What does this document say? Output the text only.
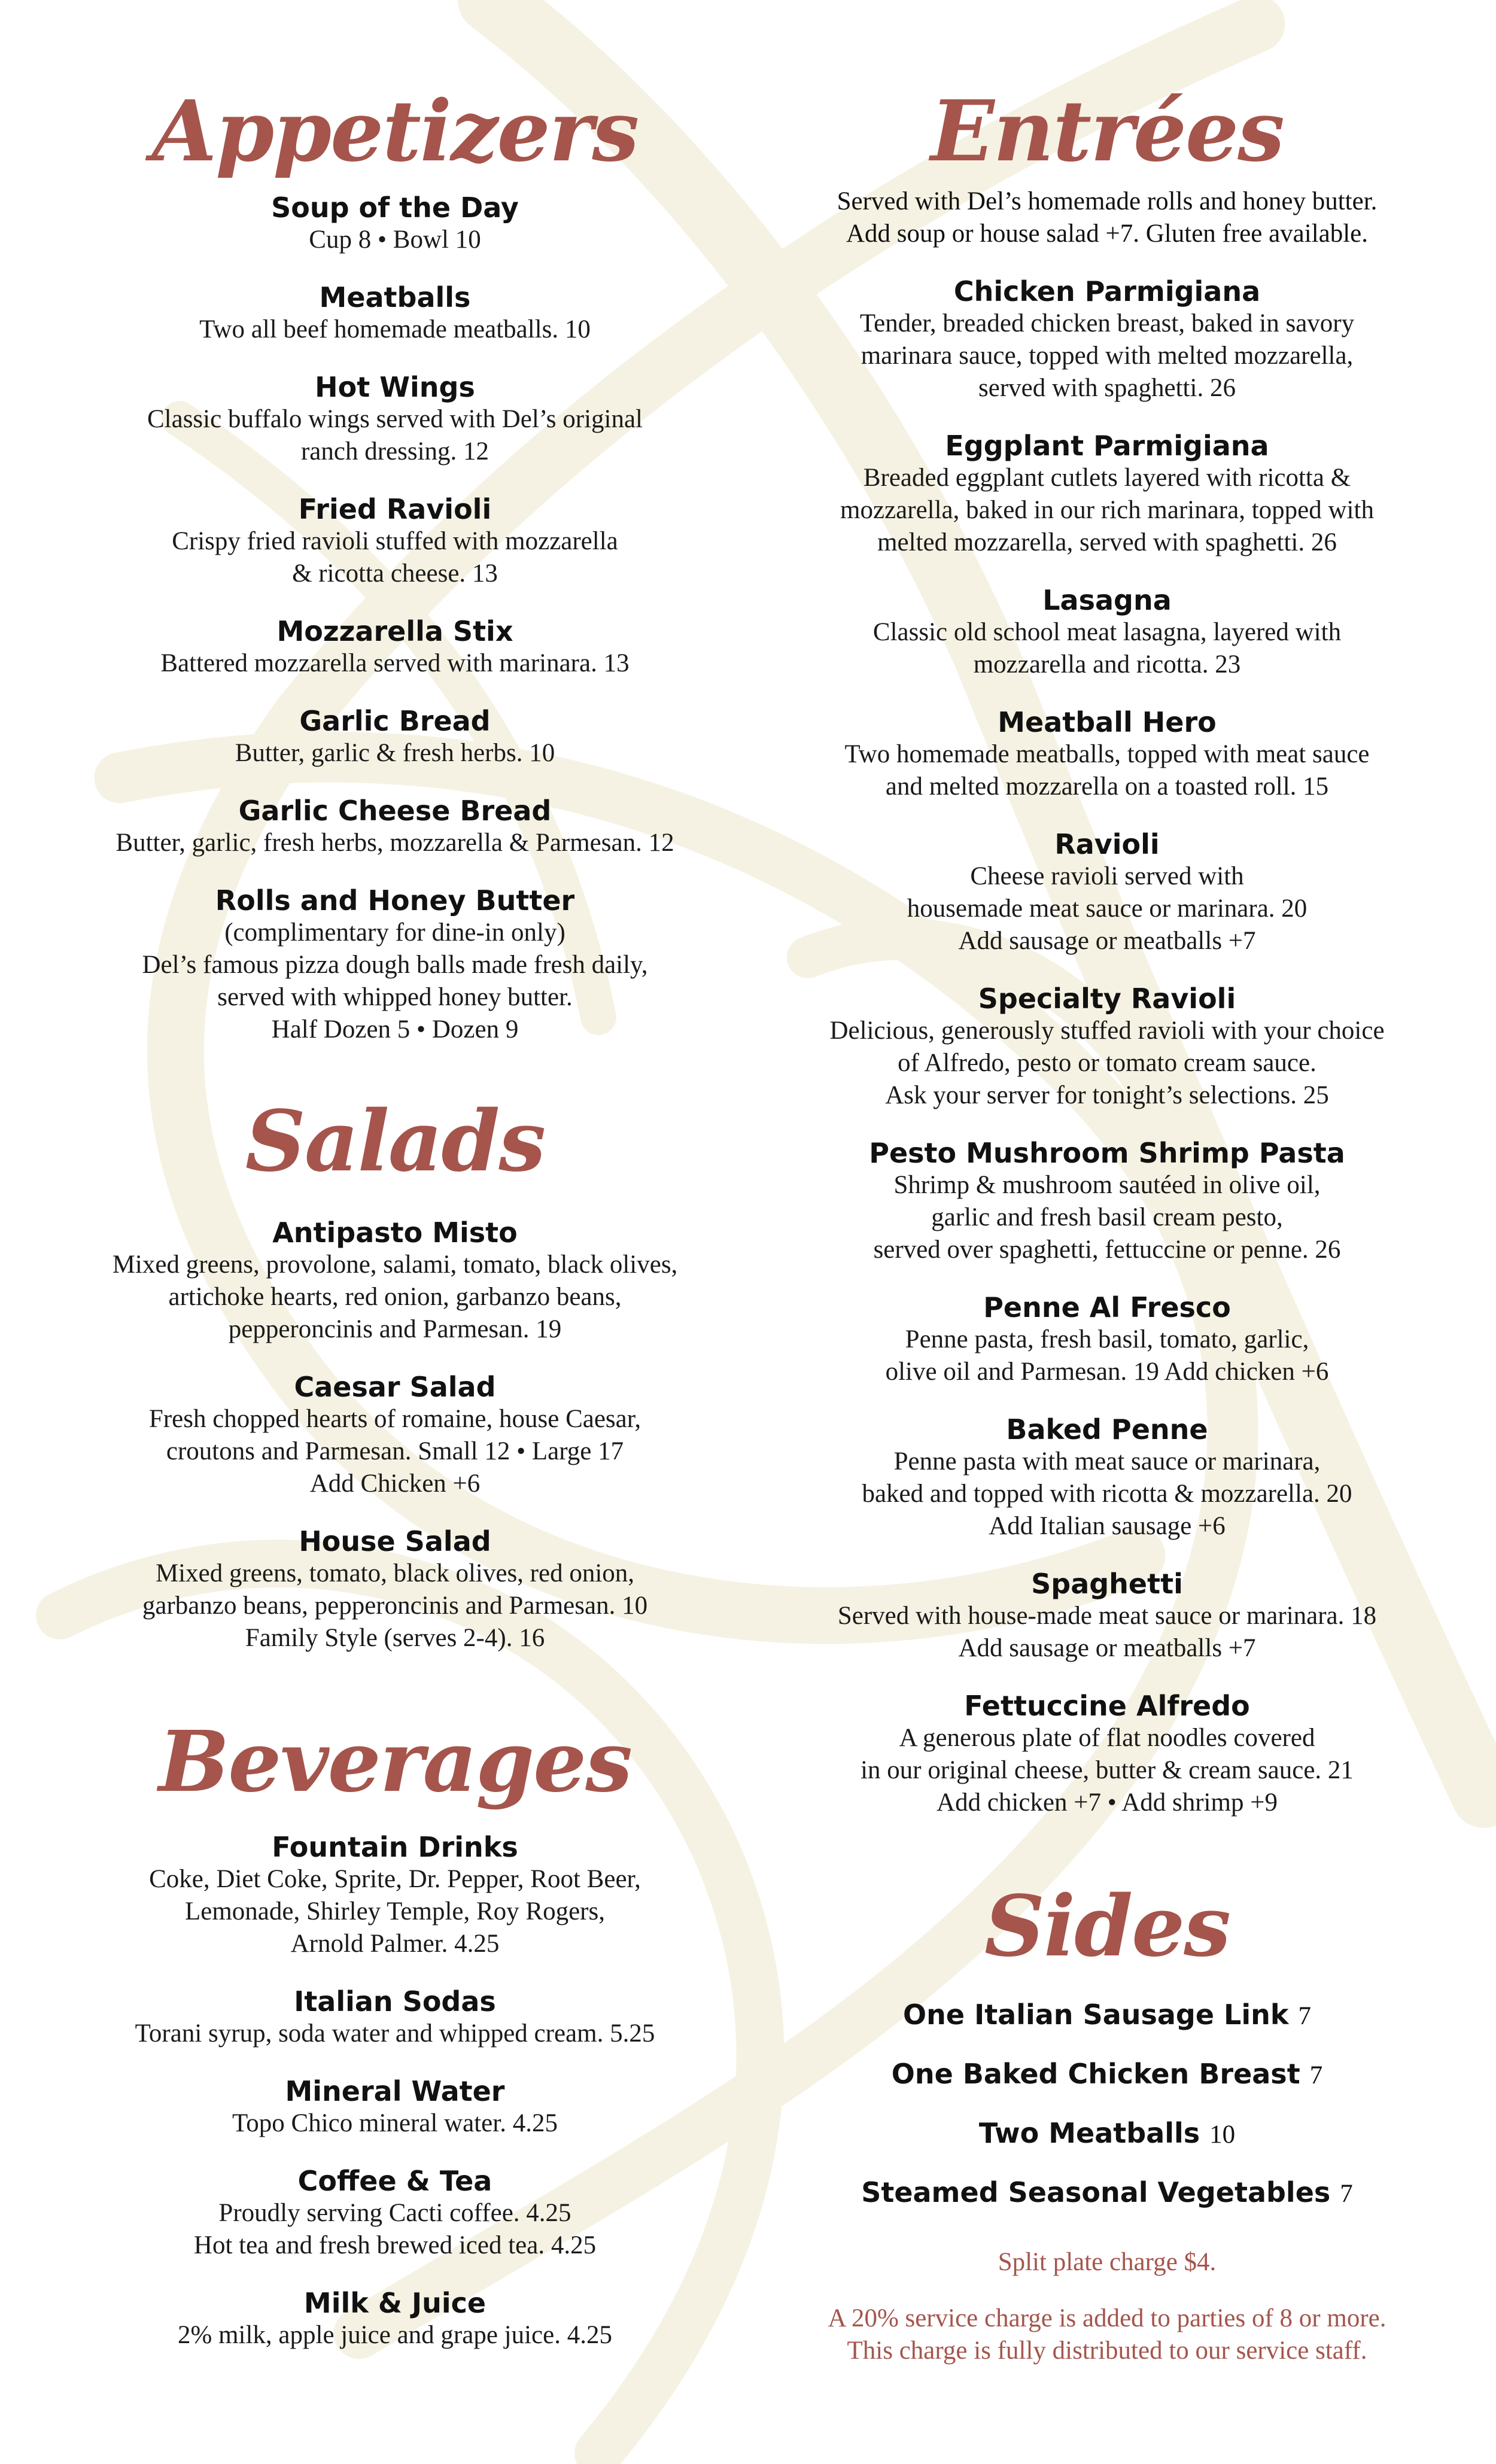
Appetizers
Soup of the Day
Cup 8 • Bowl 10
Meatballs
Two all beef homemade meatballs. 10
Hot Wings
Classic buffalo wings served with Del’s original
ranch dressing. 12
Fried Ravioli
Crispy fried ravioli stuffed with mozzarella
& ricotta cheese. 13
Mozzarella Stix
Battered mozzarella served with marinara. 13
Garlic Bread
Butter, garlic & fresh herbs. 10
Garlic Cheese Bread
Butter, garlic, fresh herbs, mozzarella & Parmesan. 12
Rolls and Honey Butter
(complimentary for dine-in only)
Del’s famous pizza dough balls made fresh daily,
served with whipped honey butter.
Half Dozen 5 • Dozen 9
Salads
Antipasto Misto
Mixed greens, provolone, salami, tomato, black olives,
artichoke hearts, red onion, garbanzo beans,
pepperoncinis and Parmesan. 19
Caesar Salad
Fresh chopped hearts of romaine, house Caesar,
croutons and Parmesan. Small 12 • Large 17
Add Chicken +6
House Salad
Mixed greens, tomato, black olives, red onion,
garbanzo beans, pepperoncinis and Parmesan. 10
Family Style (serves 2-4). 16
Beverages
Fountain Drinks
Coke, Diet Coke, Sprite, Dr. Pepper, Root Beer,
Lemonade, Shirley Temple, Roy Rogers,
Arnold Palmer. 4.25
Italian Sodas
Torani syrup, soda water and whipped cream. 5.25
Mineral Water
Topo Chico mineral water. 4.25
Coffee & Tea
Proudly serving Cacti coffee. 4.25
Hot tea and fresh brewed iced tea. 4.25
Milk & Juice
2% milk, apple juice and grape juice. 4.25
Entrées
Served with Del’s homemade rolls and honey butter.
Add soup or house salad +7. Gluten free available.
Chicken Parmigiana
Tender, breaded chicken breast, baked in savory
marinara sauce, topped with melted mozzarella,
served with spaghetti. 26
Eggplant Parmigiana
Breaded eggplant cutlets layered with ricotta &
mozzarella, baked in our rich marinara, topped with
melted mozzarella, served with spaghetti. 26
Lasagna
Classic old school meat lasagna, layered with
mozzarella and ricotta. 23
Meatball Hero
Two homemade meatballs, topped with meat sauce
and melted mozzarella on a toasted roll. 15
Ravioli
Cheese ravioli served with
housemade meat sauce or marinara. 20
Add sausage or meatballs +7
Specialty Ravioli
Delicious, generously stuffed ravioli with your choice
of Alfredo, pesto or tomato cream sauce.
Ask your server for tonight’s selections. 25
Pesto Mushroom Shrimp Pasta
Shrimp & mushroom sautéed in olive oil,
garlic and fresh basil cream pesto,
served over spaghetti, fettuccine or penne. 26
Penne Al Fresco
Penne pasta, fresh basil, tomato, garlic,
olive oil and Parmesan. 19 Add chicken +6
Baked Penne
Penne pasta with meat sauce or marinara,
baked and topped with ricotta & mozzarella. 20
Add Italian sausage +6
Spaghetti
Served with house-made meat sauce or marinara. 18
Add sausage or meatballs +7
Fettuccine Alfredo
A generous plate of flat noodles covered
in our original cheese, butter & cream sauce. 21
Add chicken +7 • Add shrimp +9
Sides
One Italian Sausage Link 7
One Baked Chicken Breast 7
Two Meatballs 10
Steamed Seasonal Vegetables 7
Split plate charge $4.
A 20% service charge is added to parties of 8 or more.
This charge is fully distributed to our service staff.
